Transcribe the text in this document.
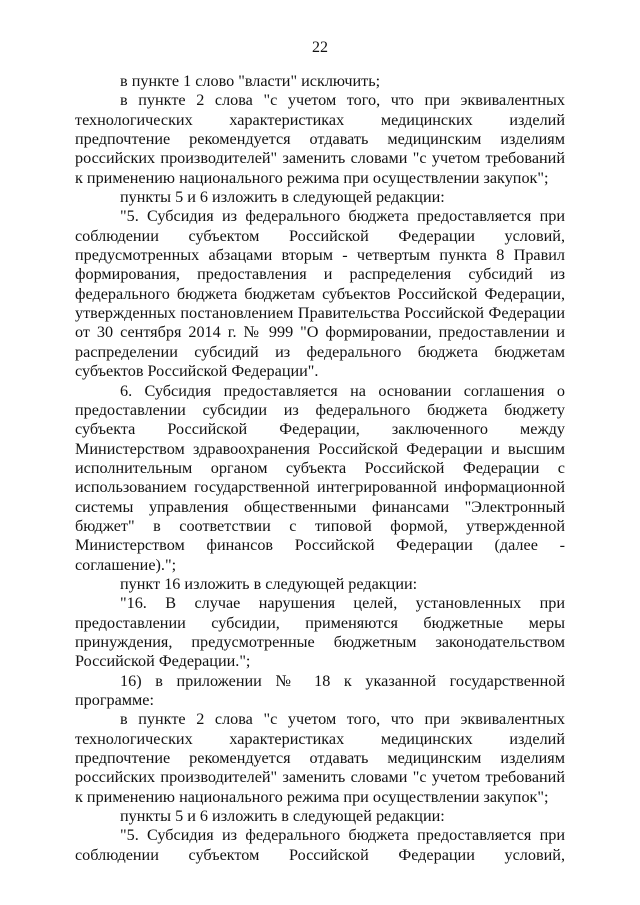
22

в пункте 1 слово "власти" исключить;

в пункте 2 слова "с учетом того, что при эквивалентных технологических характеристиках медицинских изделий предпочтение рекомендуется отдавать медицинским изделиям российских производителей" заменить словами "с учетом требований к применению национального режима при осуществлении закупок";

пункты 5 и 6 изложить в следующей редакции:

"5. Субсидия из федерального бюджета предоставляется при соблюдении субъектом Российской Федерации условий, предусмотренных абзацами вторым - четвертым пункта 8 Правил формирования, предоставления и распределения субсидий из федерального бюджета бюджетам субъектов Российской Федерации, утвержденных постановлением Правительства Российской Федерации от 30 сентября 2014 г. № 999 "О формировании, предоставлении и распределении субсидий из федерального бюджета бюджетам субъектов Российской Федерации".

6. Субсидия предоставляется на основании соглашения о предоставлении субсидии из федерального бюджета бюджету субъекта Российской Федерации, заключенного между Министерством здравоохранения Российской Федерации и высшим исполнительным органом субъекта Российской Федерации с использованием государственной интегрированной информационной системы управления общественными финансами "Электронный бюджет" в соответствии с типовой формой, утвержденной Министерством финансов Российской Федерации (далее - соглашение).";

пункт 16 изложить в следующей редакции:

"16. В случае нарушения целей, установленных при предоставлении субсидии, применяются бюджетные меры принуждения, предусмотренные бюджетным законодательством Российской Федерации.";

16) в приложении № 18 к указанной государственной программе:

в пункте 2 слова "с учетом того, что при эквивалентных технологических характеристиках медицинских изделий предпочтение рекомендуется отдавать медицинским изделиям российских производителей" заменить словами "с учетом требований к применению национального режима при осуществлении закупок";

пункты 5 и 6 изложить в следующей редакции:

"5. Субсидия из федерального бюджета предоставляется при соблюдении субъектом Российской Федерации условий,
